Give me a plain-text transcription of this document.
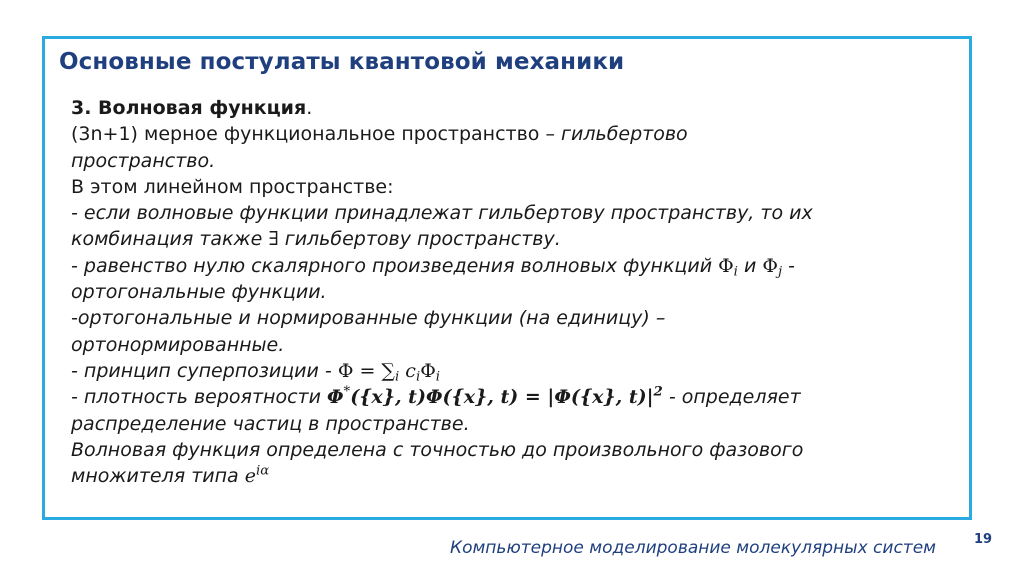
Основные постулаты квантовой механики
3. Волновая функция.
(3n+1) мерное функциональное пространство – гильбертово
пространство.
В этом линейном пространстве:
- если волновые функции принадлежат гильбертову пространству, то их
комбинация также ∃ гильбертову пространству.
- равенство нулю скалярного произведения волновых функций $\Phi_i$ и $\Phi_j$ -
ортогональные функции.
-ортогональные и нормированные функции (на единицу) –
ортонормированные.
- принцип суперпозиции - $\Phi = \sum_i$ $c_i\Phi_i$
- плотность вероятности Φ*({x}, t)Φ({x}, t) = |Φ({x}, $t)|^2$ - определяет
распределение частиц в пространстве.
Волновая функция определена с точностью до произвольного фазового
множителя типа $e^{i\alpha}$
Компьютерное моделирование молекулярных систем	19
